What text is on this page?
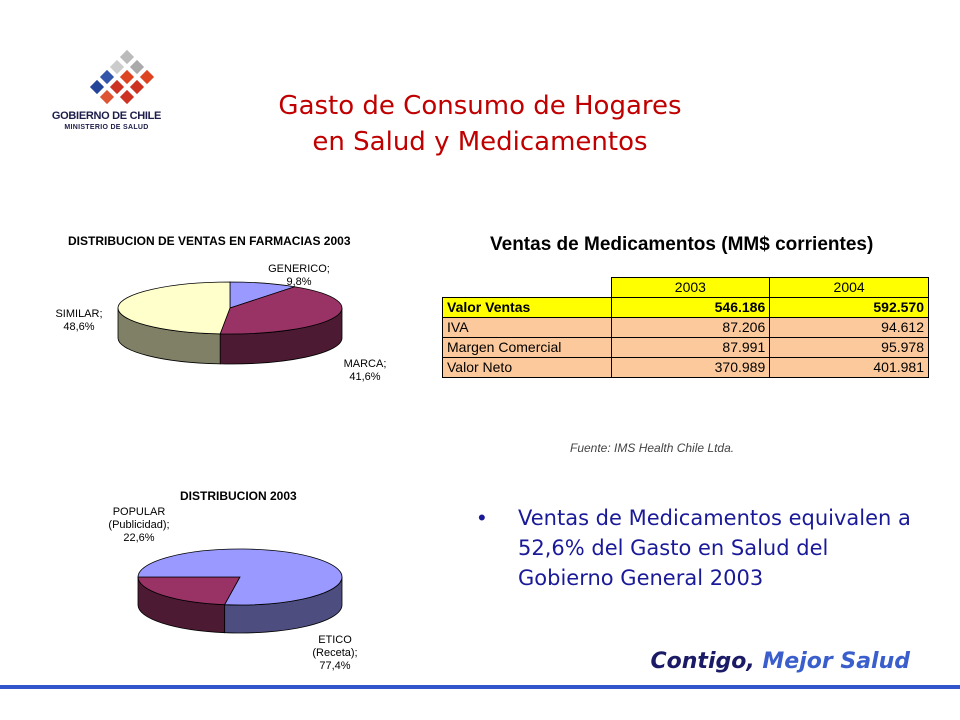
GOBIERNO DE CHILE
MINISTERIO DE SALUD
Gasto de Consumo de Hogares
en Salud y Medicamentos
DISTRIBUCION DE VENTAS EN FARMACIAS 2003
GENERICO;
9,8%
SIMILAR;
48,6%
MARCA;
41,6%
DISTRIBUCION 2003
POPULAR
(Publicidad);
22,6%
ETICO
(Receta);
77,4%
Ventas de Medicamentos (MM$ corrientes)
	2003	2004
Valor Ventas	546.186	592.570
IVA	87.206	94.612
Margen Comercial	87.991	95.978
Valor Neto	370.989	401.981
Fuente: IMS Health Chile Ltda.
• Ventas de Medicamentos equivalen a 52,6% del Gasto en Salud del Gobierno General 2003
Contigo, Mejor Salud
